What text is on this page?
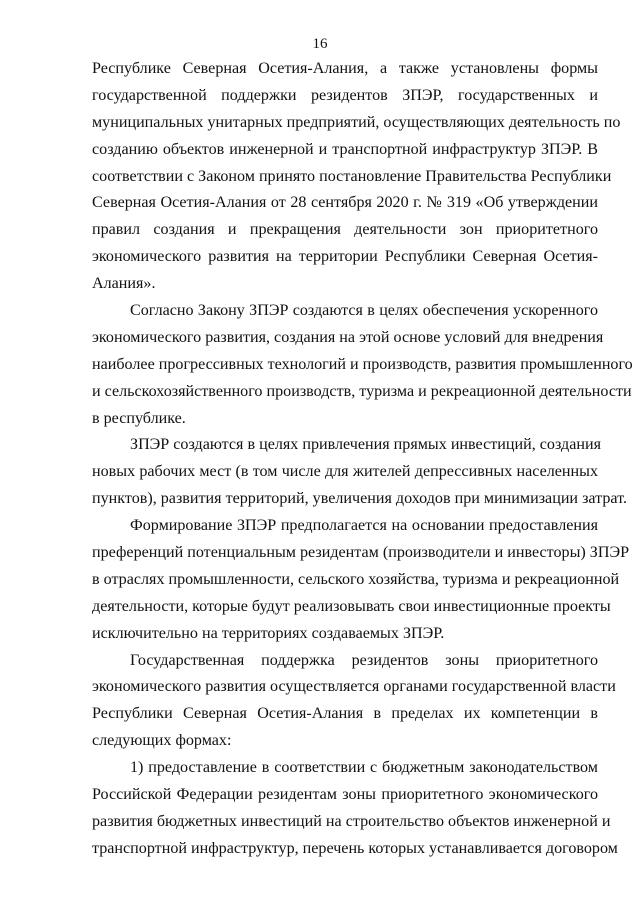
16
Республике Северная Осетия-Алания, а также установлены формы
государственной поддержки резидентов ЗПЭР, государственных и
муниципальных унитарных предприятий, осуществляющих деятельность по
созданию объектов инженерной и транспортной инфраструктур ЗПЭР. В
соответствии с Законом принято постановление Правительства Республики
Северная Осетия-Алания от 28 сентября 2020 г. № 319 «Об утверждении
правил создания и прекращения деятельности зон приоритетного
экономического развития на территории Республики Северная Осетия-
Алания».
Согласно Закону ЗПЭР создаются в целях обеспечения ускоренного
экономического развития, создания на этой основе условий для внедрения
наиболее прогрессивных технологий и производств, развития промышленного
и сельскохозяйственного производств, туризма и рекреационной деятельности
в республике.
ЗПЭР создаются в целях привлечения прямых инвестиций, создания
новых рабочих мест (в том числе для жителей депрессивных населенных
пунктов), развития территорий, увеличения доходов при минимизации затрат.
Формирование ЗПЭР предполагается на основании предоставления
преференций потенциальным резидентам (производители и инвесторы) ЗПЭР
в отраслях промышленности, сельского хозяйства, туризма и рекреационной
деятельности, которые будут реализовывать свои инвестиционные проекты
исключительно на территориях создаваемых ЗПЭР.
Государственная поддержка резидентов зоны приоритетного
экономического развития осуществляется органами государственной власти
Республики Северная Осетия-Алания в пределах их компетенции в
следующих формах:
1) предоставление в соответствии с бюджетным законодательством
Российской Федерации резидентам зоны приоритетного экономического
развития бюджетных инвестиций на строительство объектов инженерной и
транспортной инфраструктур, перечень которых устанавливается договором
